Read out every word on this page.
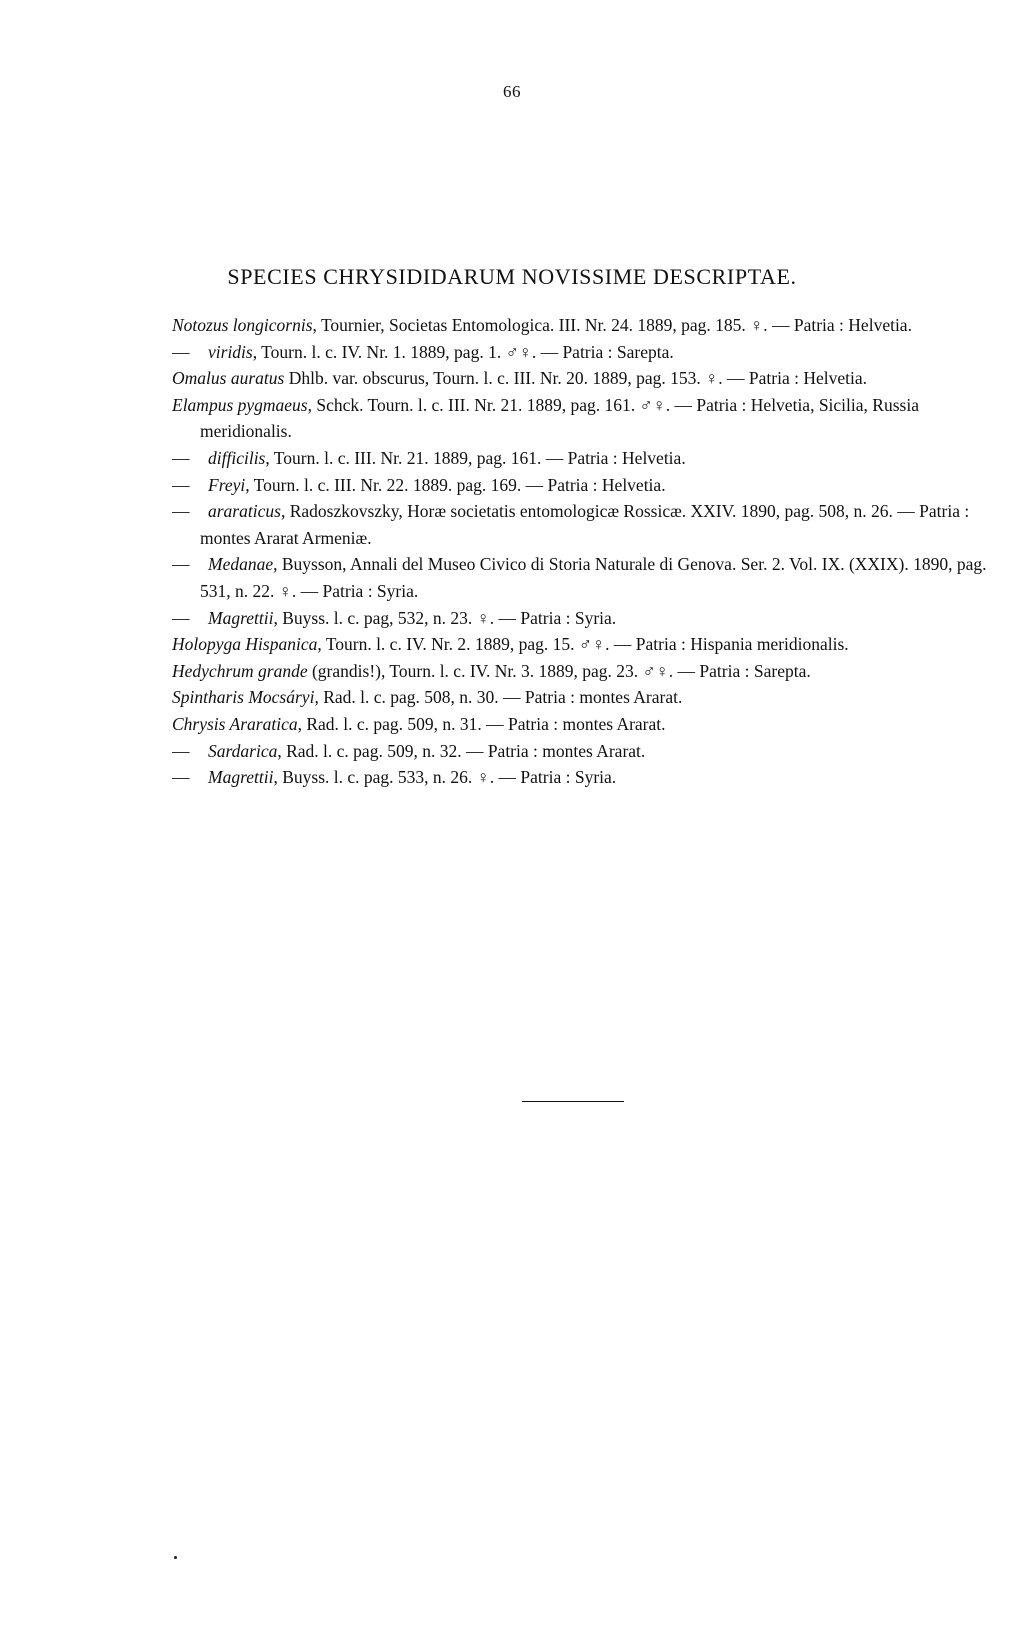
66
SPECIES CHRYSIDIDARUM NOVISSIME DESCRIPTAE.

Notozus longicornis, Tournier, Societas Entomologica. III. Nr. 24. 1889, pag. 185. ♀. — Patria : Helvetia.

— viridis, Tourn. l. c. IV. Nr. 1. 1889, pag. 1. ♂♀. — Patria : Sarepta.

Omalus auratus Dhlb. var. obscurus, Tourn. l. c. III. Nr. 20. 1889, pag. 153. ♀. — Patria : Helvetia.

Elampus pygmaeus, Schck. Tourn. l. c. III. Nr. 21. 1889, pag. 161. ♂♀. — Patria : Helvetia, Sicilia, Russia meridionalis.

— difficilis, Tourn. l. c. III. Nr. 21. 1889, pag. 161. — Patria : Helvetia.

— Freyi, Tourn. l. c. III. Nr. 22. 1889. pag. 169. — Patria : Helvetia.

— araraticus, Radoszkovszky, Horæ societatis entomologicæ Rossicæ. XXIV. 1890, pag. 508, n. 26. — Patria : montes Ararat Armeniæ.

— Medanae, Buysson, Annali del Museo Civico di Storia Naturale di Genova. Ser. 2. Vol. IX. (XXIX). 1890, pag. 531, n. 22. ♀. — Patria : Syria.

— Magrettii, Buyss. l. c. pag, 532, n. 23. ♀. — Patria : Syria.

Holopyga Hispanica, Tourn. l. c. IV. Nr. 2. 1889, pag. 15. ♂♀. — Patria : Hispania meridionalis.

Hedychrum grande (grandis!), Tourn. l. c. IV. Nr. 3. 1889, pag. 23. ♂♀. — Patria : Sarepta.

Spintharis Mocsáryi, Rad. l. c. pag. 508, n. 30. — Patria : montes Ararat.

Chrysis Araratica, Rad. l. c. pag. 509, n. 31. — Patria : montes Ararat.

— Sardarica, Rad. l. c. pag. 509, n. 32. — Patria : montes Ararat.

— Magrettii, Buyss. l. c. pag. 533, n. 26. ♀. — Patria : Syria.
